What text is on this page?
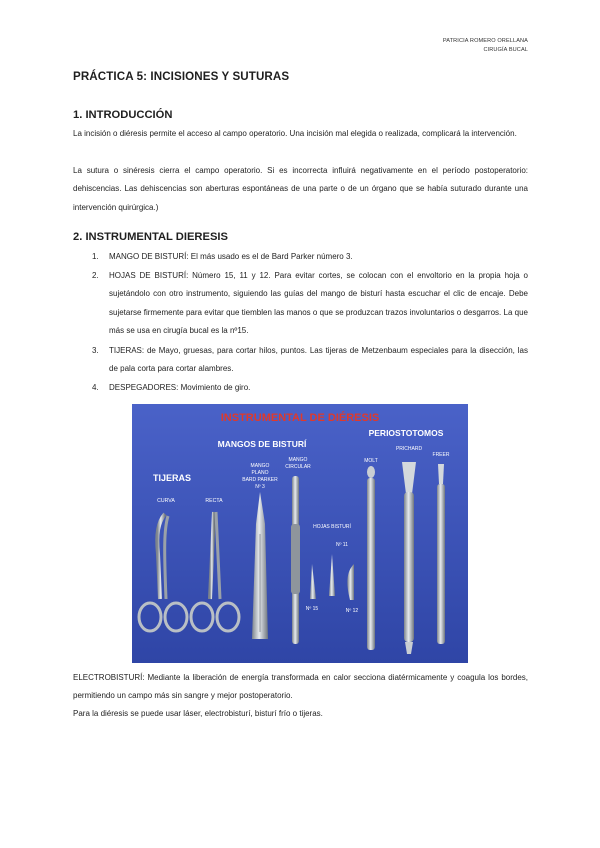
PATRICIA ROMERO ORELLANA
CIRUGÍA BUCAL
PRÁCTICA 5: INCISIONES Y SUTURAS
1. INTRODUCCIÓN
La incisión o diéresis permite el acceso al campo operatorio. Una incisión mal elegida o realizada, complicará la intervención.
La sutura o sinéresis cierra el campo operatorio. Si es incorrecta influirá negativamente en el período postoperatorio: dehiscencias. Las dehiscencias son aberturas espontáneas de una parte o de un órgano que se había suturado durante una intervención quirúrgica.)
2. INSTRUMENTAL DIERESIS
1. MANGO DE BISTURÍ: El más usado es el de Bard Parker número 3.
2. HOJAS DE BISTURÍ: Número 15, 11 y 12. Para evitar cortes, se colocan con el envoltorio en la propia hoja o sujetándolo con otro instrumento, siguiendo las guías del mango de bisturí hasta escuchar el clic de encaje. Debe sujetarse firmemente para evitar que tiemblen las manos o que se produzcan trazos involuntarios o desgarros. La que más se usa en cirugía bucal es la nº15.
3. TIJERAS: de Mayo, gruesas, para cortar hilos, puntos. Las tijeras de Metzenbaum especiales para la disección, las de pala corta para cortar alambres.
4. DESPEGADORES: Movimiento de giro.
INSTRUMENTAL DE DIÉRESIS
MANGOS DE BISTURÍ
PERIOSTOTOMOS
TIJERAS
CURVA	RECTA
MANGO
PLANO
BARD PARKER
Nº 3
MANGO
CIRCULAR
HOJAS BISTURÍ
Nº 11
Nº 15	Nº 12
MOLT
PRICHARD
FREER
ELECTROBISTURÍ: Mediante la liberación de energía transformada en calor secciona diatérmicamente y coagula los bordes, permitiendo un campo más sin sangre y mejor postoperatorio.
Para la diéresis se puede usar láser, electrobisturí, bisturí frío o tijeras.
